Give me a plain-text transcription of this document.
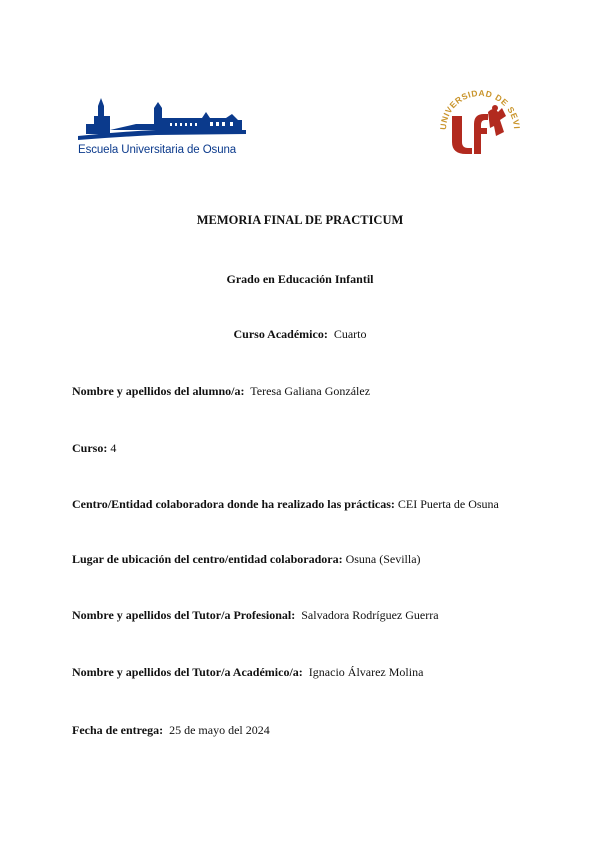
Escuela Universitaria de Osuna
UNIVERSIDAD DE SEVI
MEMORIA FINAL DE PRACTICUM
Grado en Educación Infantil
Curso Académico: Cuarto
Nombre y apellidos del alumno/a: Teresa Galiana González
Curso: 4
Centro/Entidad colaboradora donde ha realizado las prácticas: CEI Puerta de Osuna
Lugar de ubicación del centro/entidad colaboradora: Osuna (Sevilla)
Nombre y apellidos del Tutor/a Profesional: Salvadora Rodríguez Guerra
Nombre y apellidos del Tutor/a Académico/a: Ignacio Álvarez Molina
Fecha de entrega: 25 de mayo del 2024
